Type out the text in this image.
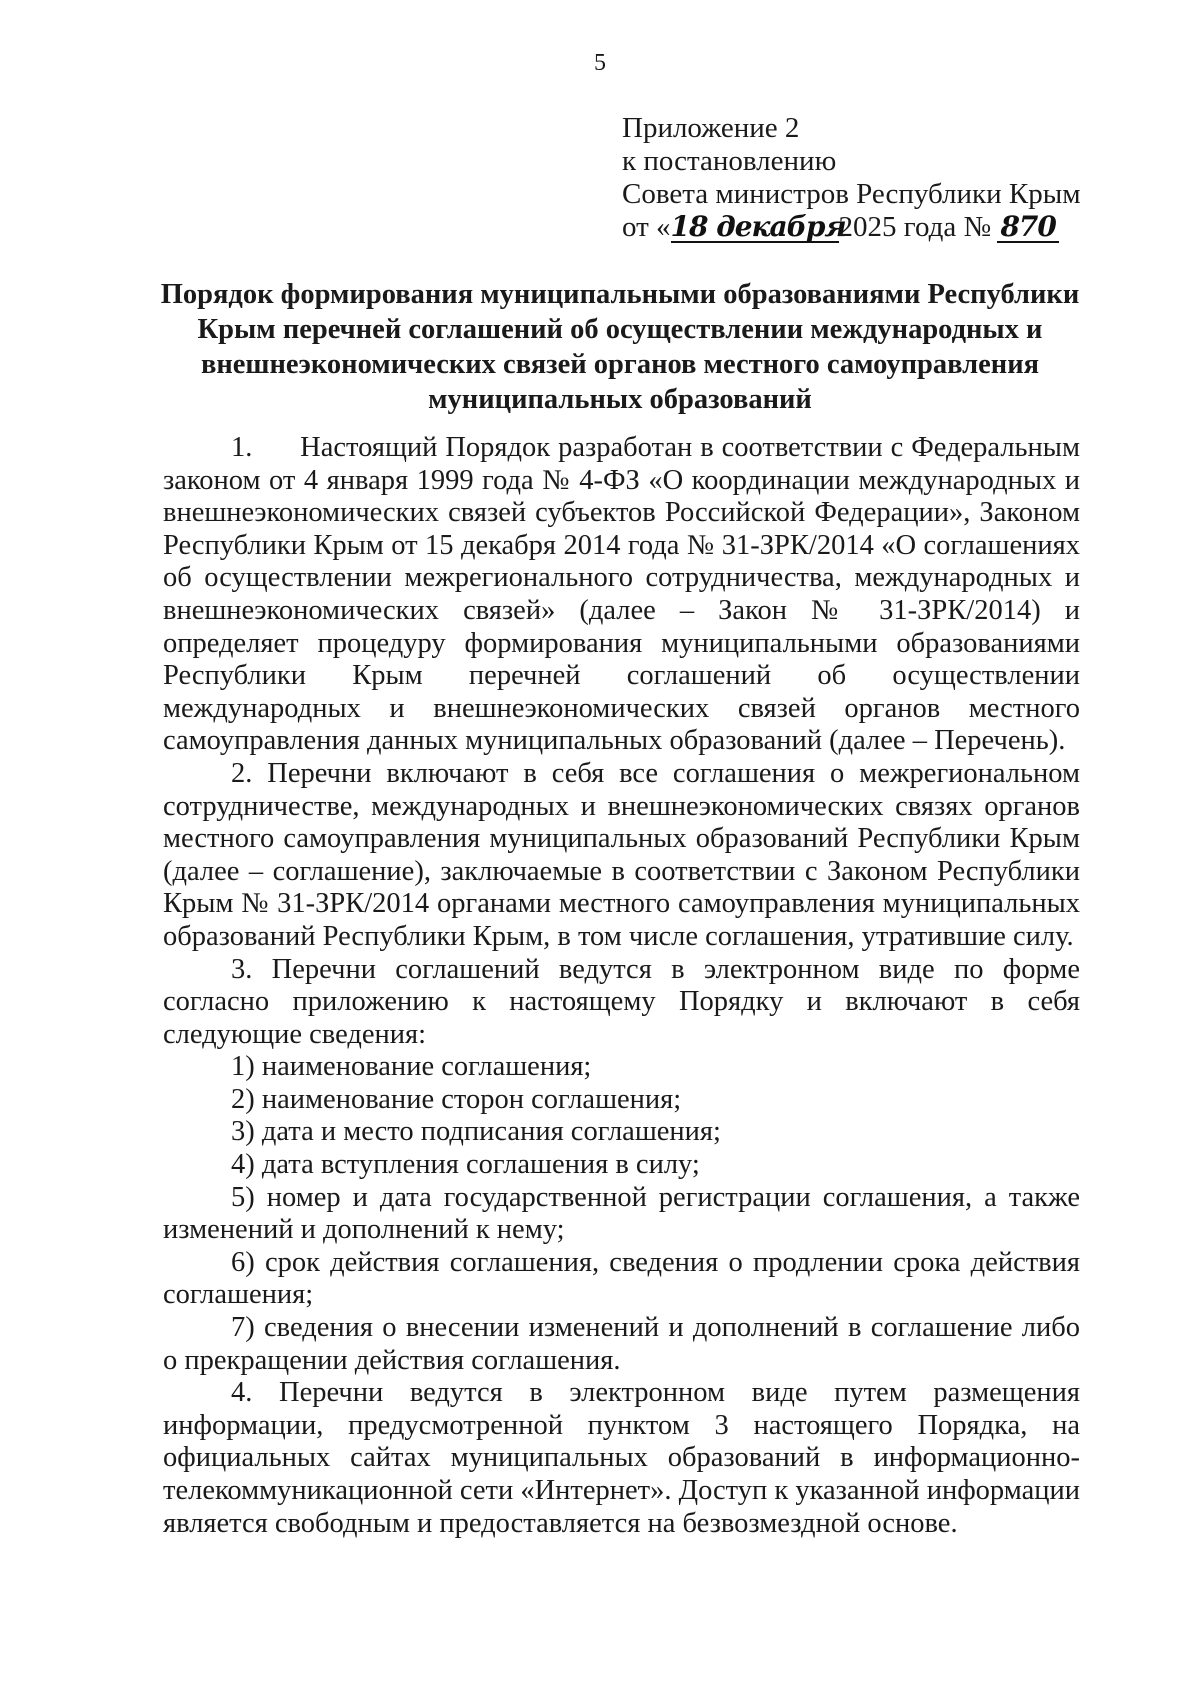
5
Приложение 2
к постановлению
Совета министров Республики Крым
от «18 декабря2025 года № 870
Порядок формирования муниципальными образованиями Республики
Крым перечней соглашений об осуществлении международных и
внешнеэкономических связей органов местного самоуправления
муниципальных образований

1.      Настоящий Порядок разработан в соответствии с Федеральным законом от 4 января 1999 года № 4-ФЗ «О координации международных и внешнеэкономических связей субъектов Российской Федерации», Законом Республики Крым от 15 декабря 2014 года № 31-ЗРК/2014 «О соглашениях об осуществлении межрегионального сотрудничества, международных и внешнеэкономических связей» (далее – Закон № 31-ЗРК/2014) и определяет процедуру формирования муниципальными образованиями Республики Крым перечней соглашений об осуществлении международных и внешнеэкономических связей органов местного самоуправления данных муниципальных образований (далее – Перечень).

2. Перечни включают в себя все соглашения о межрегиональном сотрудничестве, международных и внешнеэкономических связях органов местного самоуправления муниципальных образований Республики Крым (далее – соглашение), заключаемые в соответствии с Законом Республики Крым № 31-ЗРК/2014 органами местного самоуправления муниципальных образований Республики Крым, в том числе соглашения, утратившие силу.

3. Перечни соглашений ведутся в электронном виде по форме согласно приложению к настоящему Порядку и включают в себя следующие сведения:

1) наименование соглашения;

2) наименование сторон соглашения;

3) дата и место подписания соглашения;

4) дата вступления соглашения в силу;

5) номер и дата государственной регистрации соглашения, а также изменений и дополнений к нему;

6) срок действия соглашения, сведения о продлении срока действия соглашения;

7) сведения о внесении изменений и дополнений в соглашение либо о прекращении действия соглашения.

4. Перечни ведутся в электронном виде путем размещения информации, предусмотренной пунктом 3 настоящего Порядка, на официальных сайтах муниципальных образований в информационно-телекоммуникационной сети «Интернет». Доступ к указанной информации является свободным и предоставляется на безвозмездной основе.
